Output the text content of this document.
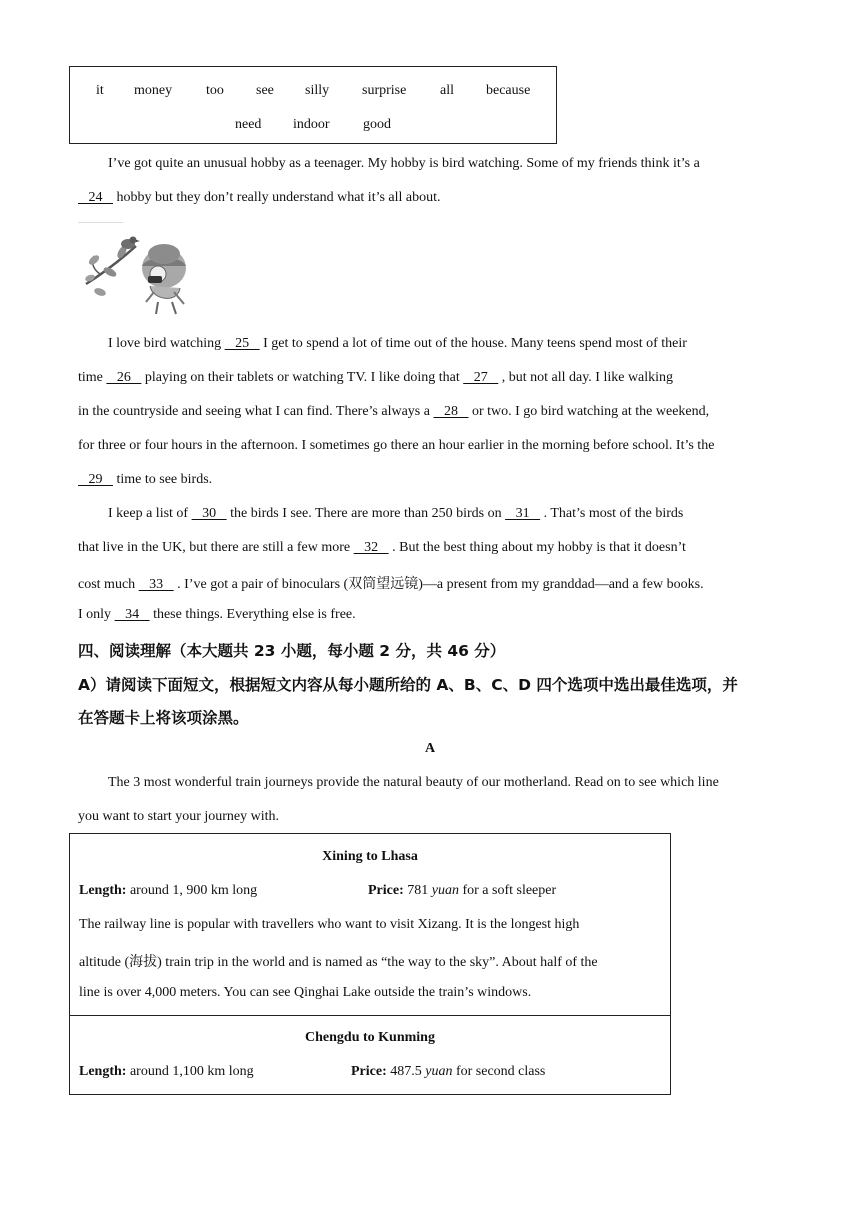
it money too see silly surprise all because
need indoor good
I’ve got quite an unusual hobby as a teenager. My hobby is bird watching. Some of my friends think it’s a
24    hobby but they don’t really understand what it’s all about.
I love bird watching    25    I get to spend a lot of time out of the house. Many teens spend most of their
time    26    playing on their tablets or watching TV. I like doing that    27    , but not all day. I like walking
in the countryside and seeing what I can find. There’s always a    28    or two. I go bird watching at the weekend,
for three or four hours in the afternoon. I sometimes go there an hour earlier in the morning before school. It’s the
29    time to see birds.
I keep a list of    30    the birds I see. There are more than 250 birds on    31    . That’s most of the birds
that live in the UK, but there are still a few more    32    . But the best thing about my hobby is that it doesn’t
cost much    33    . I’ve got a pair of binoculars (双筒望远镜)—a present from my granddad—and a few books.
I only    34    these things. Everything else is free.
四、阅读理解（本大题共 23 小题，每小题 2 分，共 46 分）
A）请阅读下面短文，根据短文内容从每小题所给的 A、B、C、D 四个选项中选出最佳选项，并
在答题卡上将该项涂黑。
A
The 3 most wonderful train journeys provide the natural beauty of our motherland. Read on to see which line
you want to start your journey with.
Xining to Lhasa
Length: around 1, 900 km long	Price: 781 yuan for a soft sleeper
The railway line is popular with travellers who want to visit Xizang. It is the longest high
altitude (海拔) train trip in the world and is named as “the way to the sky”. About half of the
line is over 4,000 meters. You can see Qinghai Lake outside the train’s windows.
Chengdu to Kunming
Length: around 1,100 km long	Price: 487.5 yuan for second class
